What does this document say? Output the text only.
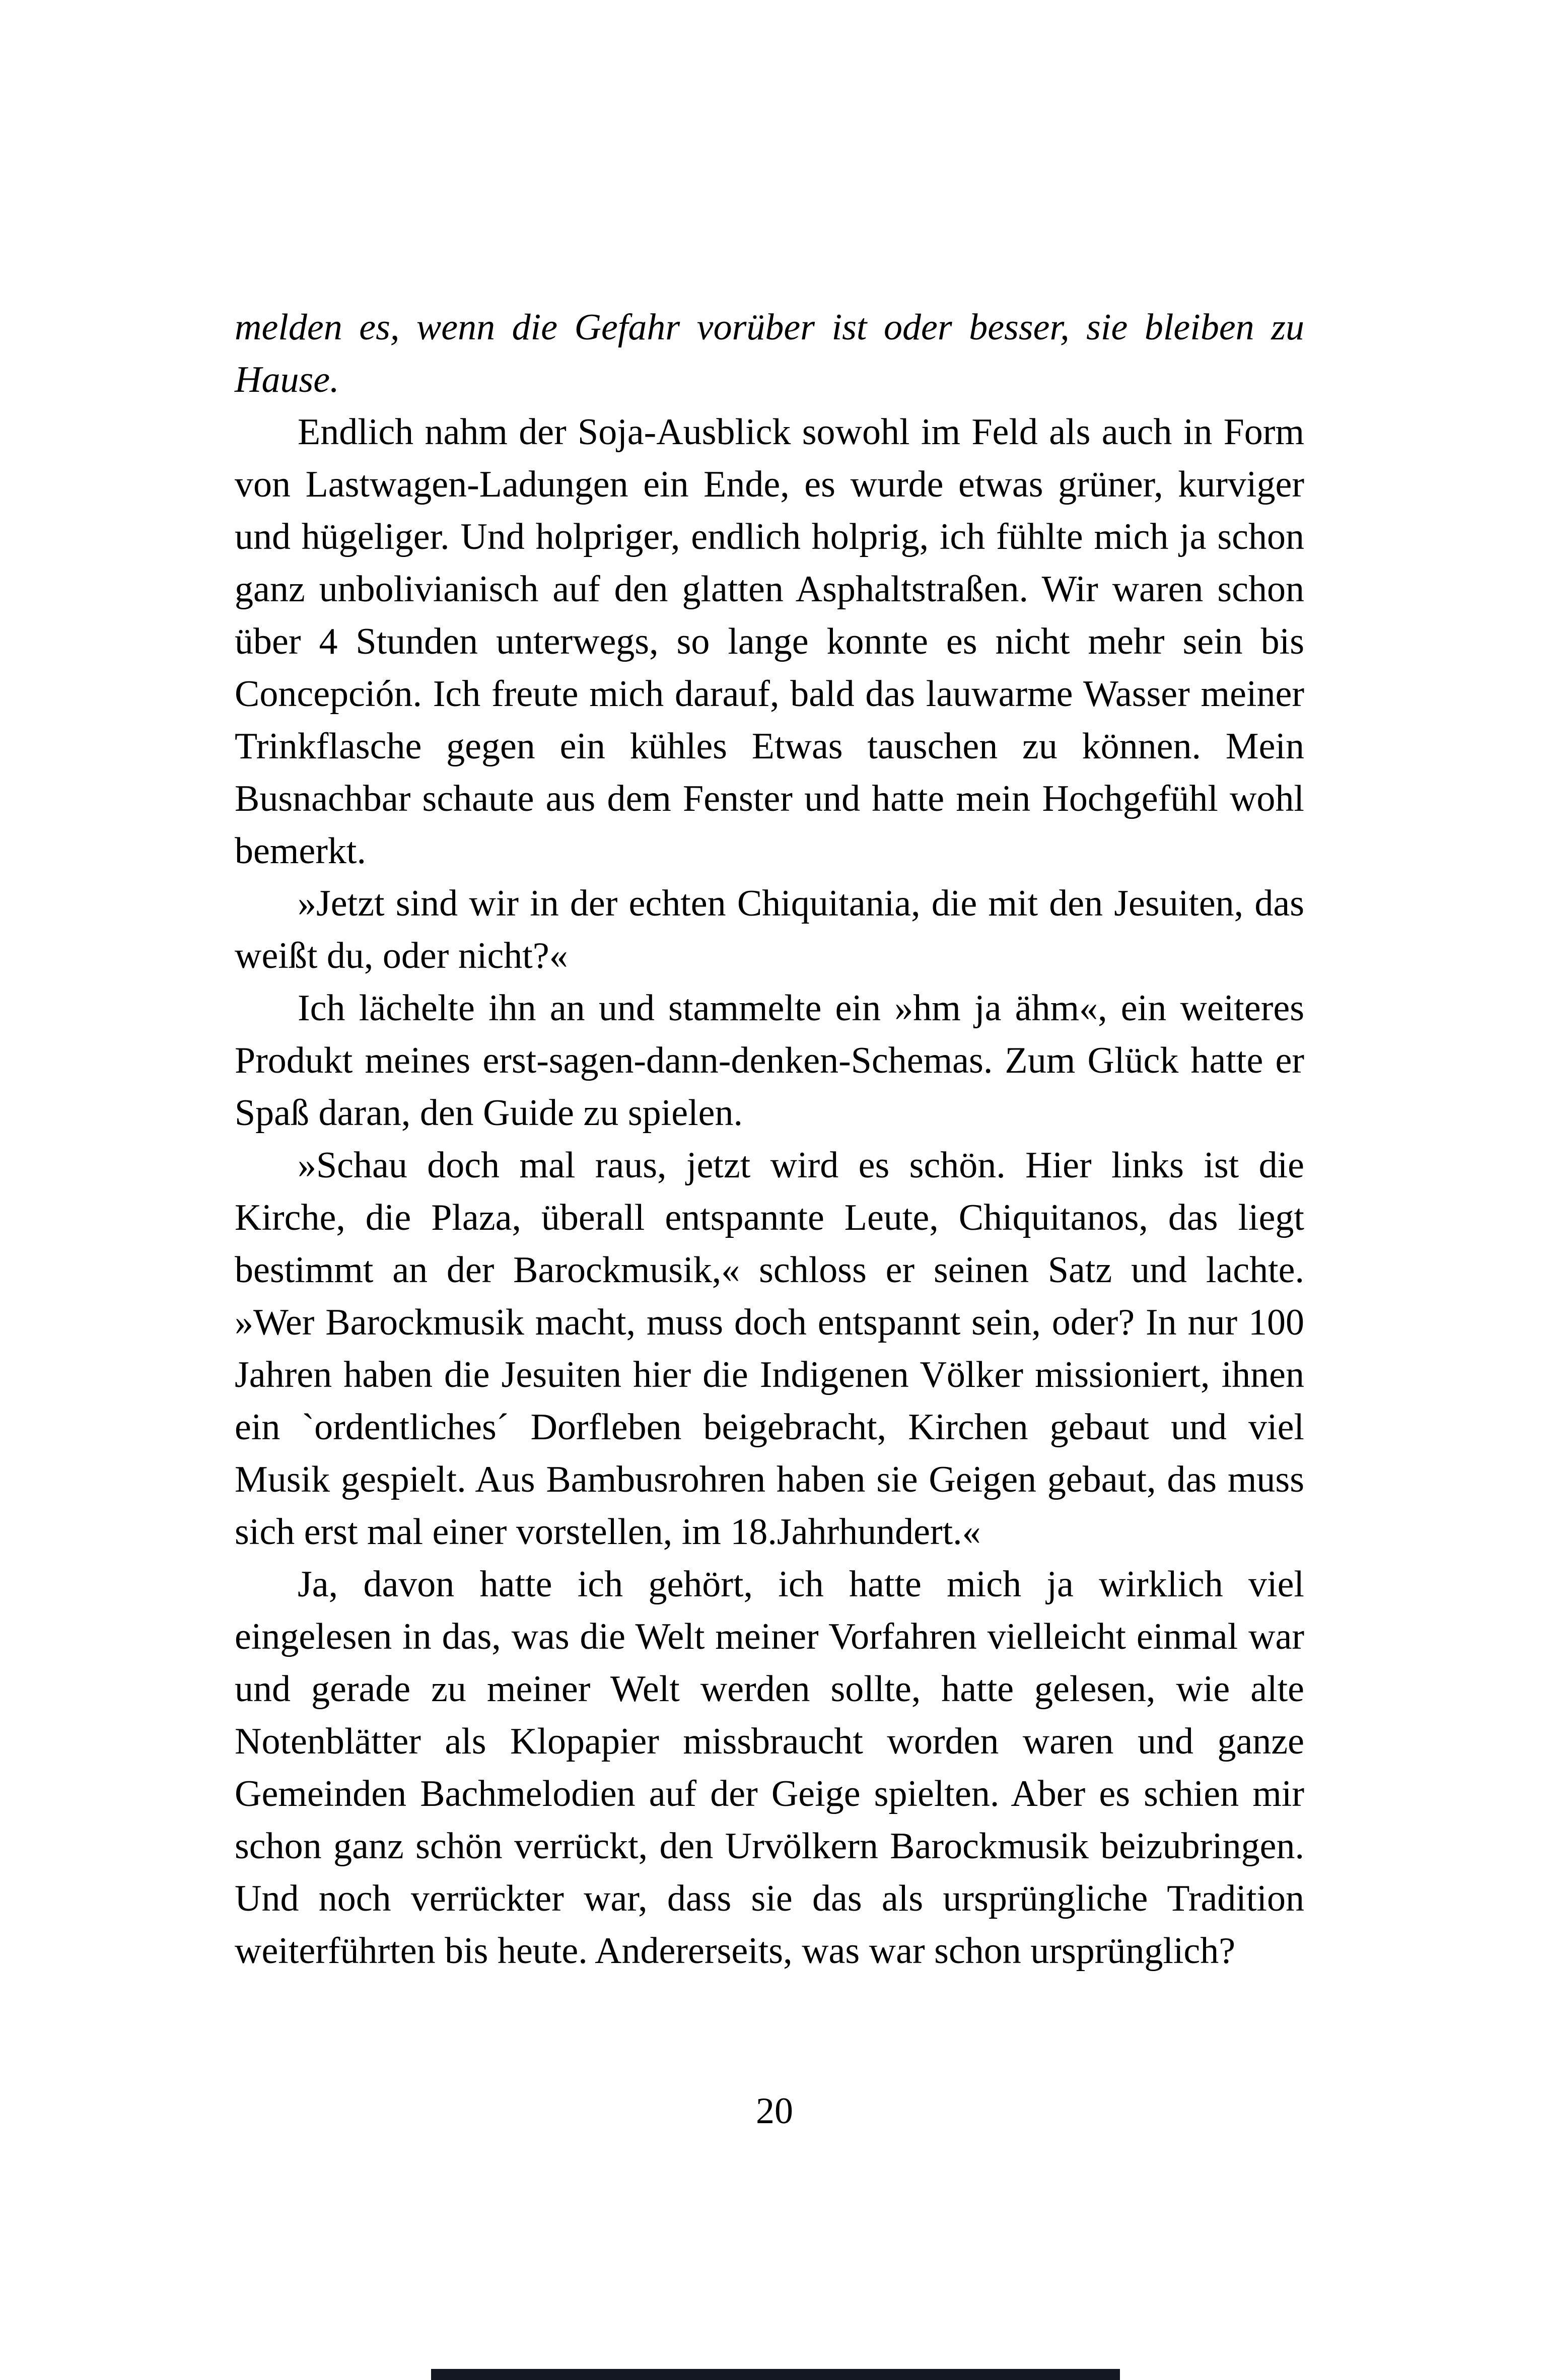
melden es, wenn die Gefahr vorüber ist oder besser, sie bleiben zu Hause.

Endlich nahm der Soja-Ausblick sowohl im Feld als auch in Form von Lastwagen-Ladungen ein Ende, es wurde etwas grüner, kurviger und hügeliger. Und holpriger, endlich holprig, ich fühlte mich ja schon ganz unbolivianisch auf den glatten Asphaltstraßen. Wir waren schon über 4 Stunden unterwegs, so lange konnte es nicht mehr sein bis Concepción. Ich freute mich darauf, bald das lauwarme Wasser meiner Trinkflasche gegen ein kühles Etwas tauschen zu können. Mein Busnachbar schaute aus dem Fenster und hatte mein Hochgefühl wohl bemerkt.

»Jetzt sind wir in der echten Chiquitania, die mit den Jesuiten, das weißt du, oder nicht?«

Ich lächelte ihn an und stammelte ein »hm ja ähm«, ein weiteres Produkt meines erst-sagen-dann-denken-Schemas. Zum Glück hatte er Spaß daran, den Guide zu spielen.

»Schau doch mal raus, jetzt wird es schön. Hier links ist die Kirche, die Plaza, überall entspannte Leute, Chiquitanos, das liegt bestimmt an der Barockmusik,« schloss er seinen Satz und lachte. »Wer Barockmusik macht, muss doch entspannt sein, oder? In nur 100 Jahren haben die Jesuiten hier die Indigenen Völker missioniert, ihnen ein `ordentliches´ Dorfleben beigebracht, Kirchen gebaut und viel Musik gespielt. Aus Bambusrohren haben sie Geigen gebaut, das muss sich erst mal einer vorstellen, im 18.Jahrhundert.«

Ja, davon hatte ich gehört, ich hatte mich ja wirklich viel eingelesen in das, was die Welt meiner Vorfahren vielleicht einmal war und gerade zu meiner Welt werden sollte, hatte gelesen, wie alte Notenblätter als Klopapier missbraucht worden waren und ganze Gemeinden Bachmelodien auf der Geige spielten. Aber es schien mir schon ganz schön verrückt, den Urvölkern Barockmusik beizubringen. Und noch verrückter war, dass sie das als ursprüngliche Tradition weiterführten bis heute. Andererseits, was war schon ursprünglich?

20
